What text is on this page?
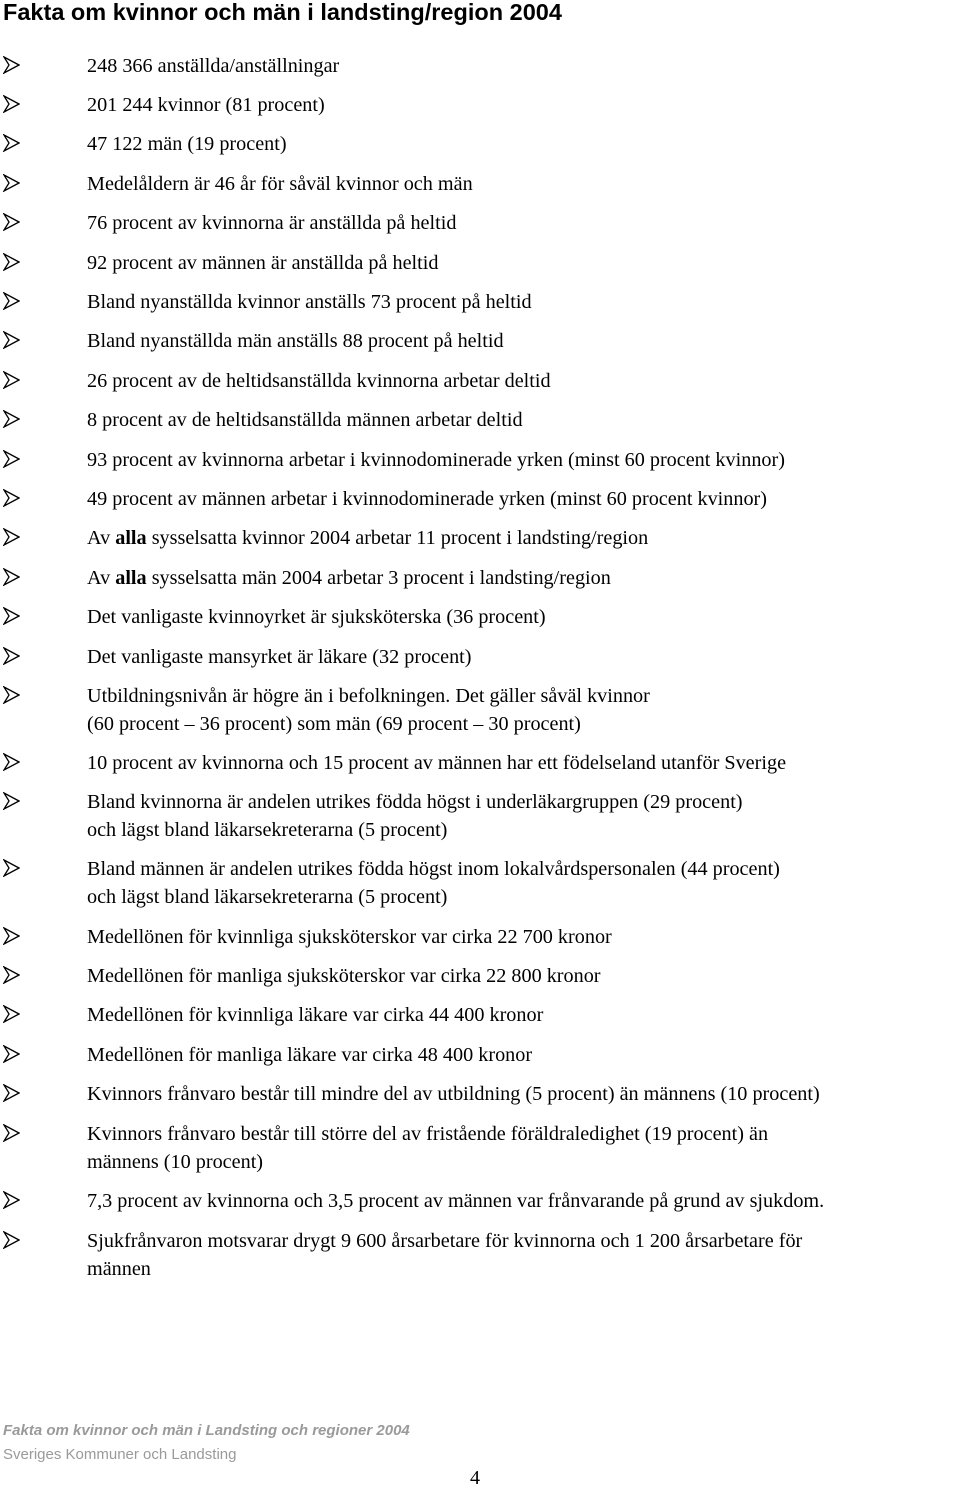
Fakta om kvinnor och män i landsting/region 2004
248 366 anställda/anställningar
201 244 kvinnor (81 procent)
47 122 män (19 procent)
Medelåldern är 46 år för såväl kvinnor och män
76 procent av kvinnorna är anställda på heltid
92 procent av männen är anställda på heltid
Bland nyanställda kvinnor anställs 73 procent på heltid
Bland nyanställda män anställs 88 procent på heltid
26 procent av de heltidsanställda kvinnorna arbetar deltid
8 procent av de heltidsanställda männen arbetar deltid
93 procent av kvinnorna arbetar i kvinnodominerade yrken (minst 60 procent kvinnor)
49 procent av männen arbetar i kvinnodominerade yrken (minst 60 procent kvinnor)
Av alla sysselsatta kvinnor 2004 arbetar 11 procent i landsting/region
Av alla sysselsatta män 2004 arbetar 3 procent i landsting/region
Det vanligaste kvinnoyrket är sjuksköterska (36 procent)
Det vanligaste mansyrket är läkare (32 procent)
Utbildningsnivån är högre än i befolkningen. Det gäller såväl kvinnor
(60 procent – 36 procent) som män (69 procent – 30 procent)
10 procent av kvinnorna och 15 procent av männen har ett födelseland utanför Sverige
Bland kvinnorna är andelen utrikes födda högst i underläkargruppen (29 procent)
och lägst bland läkarsekreterarna (5 procent)
Bland männen är andelen utrikes födda högst inom lokalvårdspersonalen (44 procent)
och lägst bland läkarsekreterarna (5 procent)
Medellönen för kvinnliga sjuksköterskor var cirka 22 700 kronor
Medellönen för manliga sjuksköterskor var cirka 22 800 kronor
Medellönen för kvinnliga läkare var cirka 44 400 kronor
Medellönen för manliga läkare var cirka 48 400 kronor
Kvinnors frånvaro består till mindre del av utbildning (5 procent) än männens (10 procent)
Kvinnors frånvaro består till större del av fristående föräldraledighet (19 procent) än
männens (10 procent)
7,3 procent av kvinnorna och 3,5 procent av männen var frånvarande på grund av sjukdom.
Sjukfrånvaron motsvarar drygt 9 600 årsarbetare för kvinnorna och 1 200 årsarbetare för
männen
Fakta om kvinnor och män i Landsting och regioner 2004
Sveriges Kommuner och Landsting
4
